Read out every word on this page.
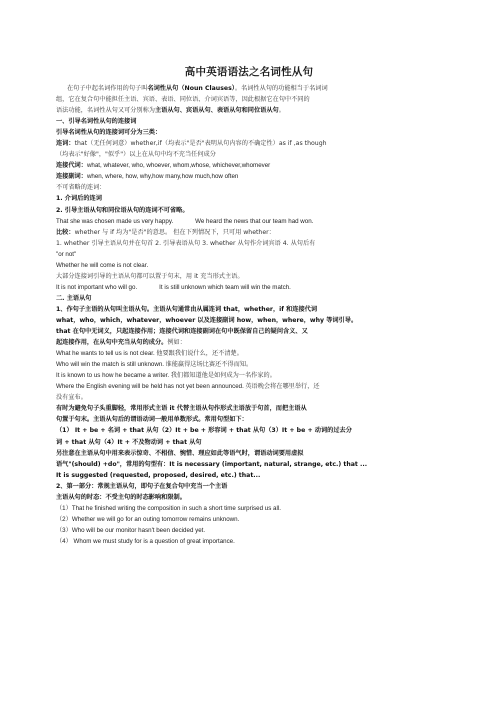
高中英语语法之名词性从句

在句子中起名词作用的句子叫名词性从句（Noun Clauses）。名词性从句的功能相当于名词词

组，它在复合句中能担任主语、宾语、表语、同位语、介词宾语等，因此根据它在句中不同的

语法功能，名词性从句又可分别称为主语从句、宾语从句、表语从句和同位语从句。

一、引导名词性从句的连接词

引导名词性从句的连接词可分为三类：

连词：that（无任何词意）whether,if（均表示"是否"表明从句内容的不确定性）as if ,as though

（均表示"好像"，"似乎"）以上在从句中均不充当任何成分

连接代词：what, whatever, who, whoever, whom,whose, whichever,whomever

连接副词：when, where, how, why,how many,how much,how often

不可省略的连词：

1. 介词后的连词

2. 引导主语从句和同位语从句的连词不可省略。

That she was chosen made us very happy.	We heard the news that our team had won.

比较：whether 与 if 均为"是否"的意思。 但在下列情况下，只可用 whether：

1. whether 引导主语从句并在句首 2. 引导表语从句 3. whether 从句作介词宾语 4. 从句后有

"or not"

Whether he will come is not clear.

大部分连接词引导的主语从句都可以置于句末，用 it 充当形式主语。

It is not important who will go.	It is still unknown which team will win the match.

二. 主语从句

1、作句子主语的从句叫主语从句。主语从句通常由从属连词 that，whether，if 和连接代词

what，who，which，whatever，whoever 以及连接副词 how，when，where，why 等词引导。

that 在句中无词义，只起连接作用；连接代词和连接副词在句中既保留自己的疑问含义、又

起连接作用，在从句中充当从句的成分。例如：

What he wants to tell us is not clear. 他要跟我们说什么，还不清楚。

Who will win the match is still unknown. 谁能赢得这场比赛还不得而知。

It is known to us how he became a writer. 我们都知道他是如何成为一名作家的。

Where the English evening will be held has not yet been announced. 英语晚会将在哪里举行，还

没有宣布。

有时为避免句子头重脚轻，常用形式主语 it 代替主语从句作形式主语放于句首，而把主语从

句置于句末。主语从句后的谓语动词一般用单数形式。常用句型如下：

（1） It + be + 名词 + that 从句（2）It + be + 形容词 + that 从句（3）It + be + 动词的过去分

词 + that 从句（4）It + 不及物动词 + that 从句

另注意在主语从句中用来表示惊奇、不相信、惋惜、理应如此等语气时，谓语动词要用虚拟

语气"(should) +do"，常用的句型有：It is necessary (important, natural, strange, etc.) that ...

It is suggested (requested, proposed, desired, etc.) that...

2、第一部分：常规主语从句，即句子在复合句中充当一个主语

主语从句的时态：不受主句的时态影响和限制。

（1）That he finished writing the composition in such a short time surprised us all.

（2）Whether we will go for an outing tomorrow remains unknown.

（3）Who will be our monitor hasn't been decided yet.

（4） Whom we must study for is a question of great importance.
